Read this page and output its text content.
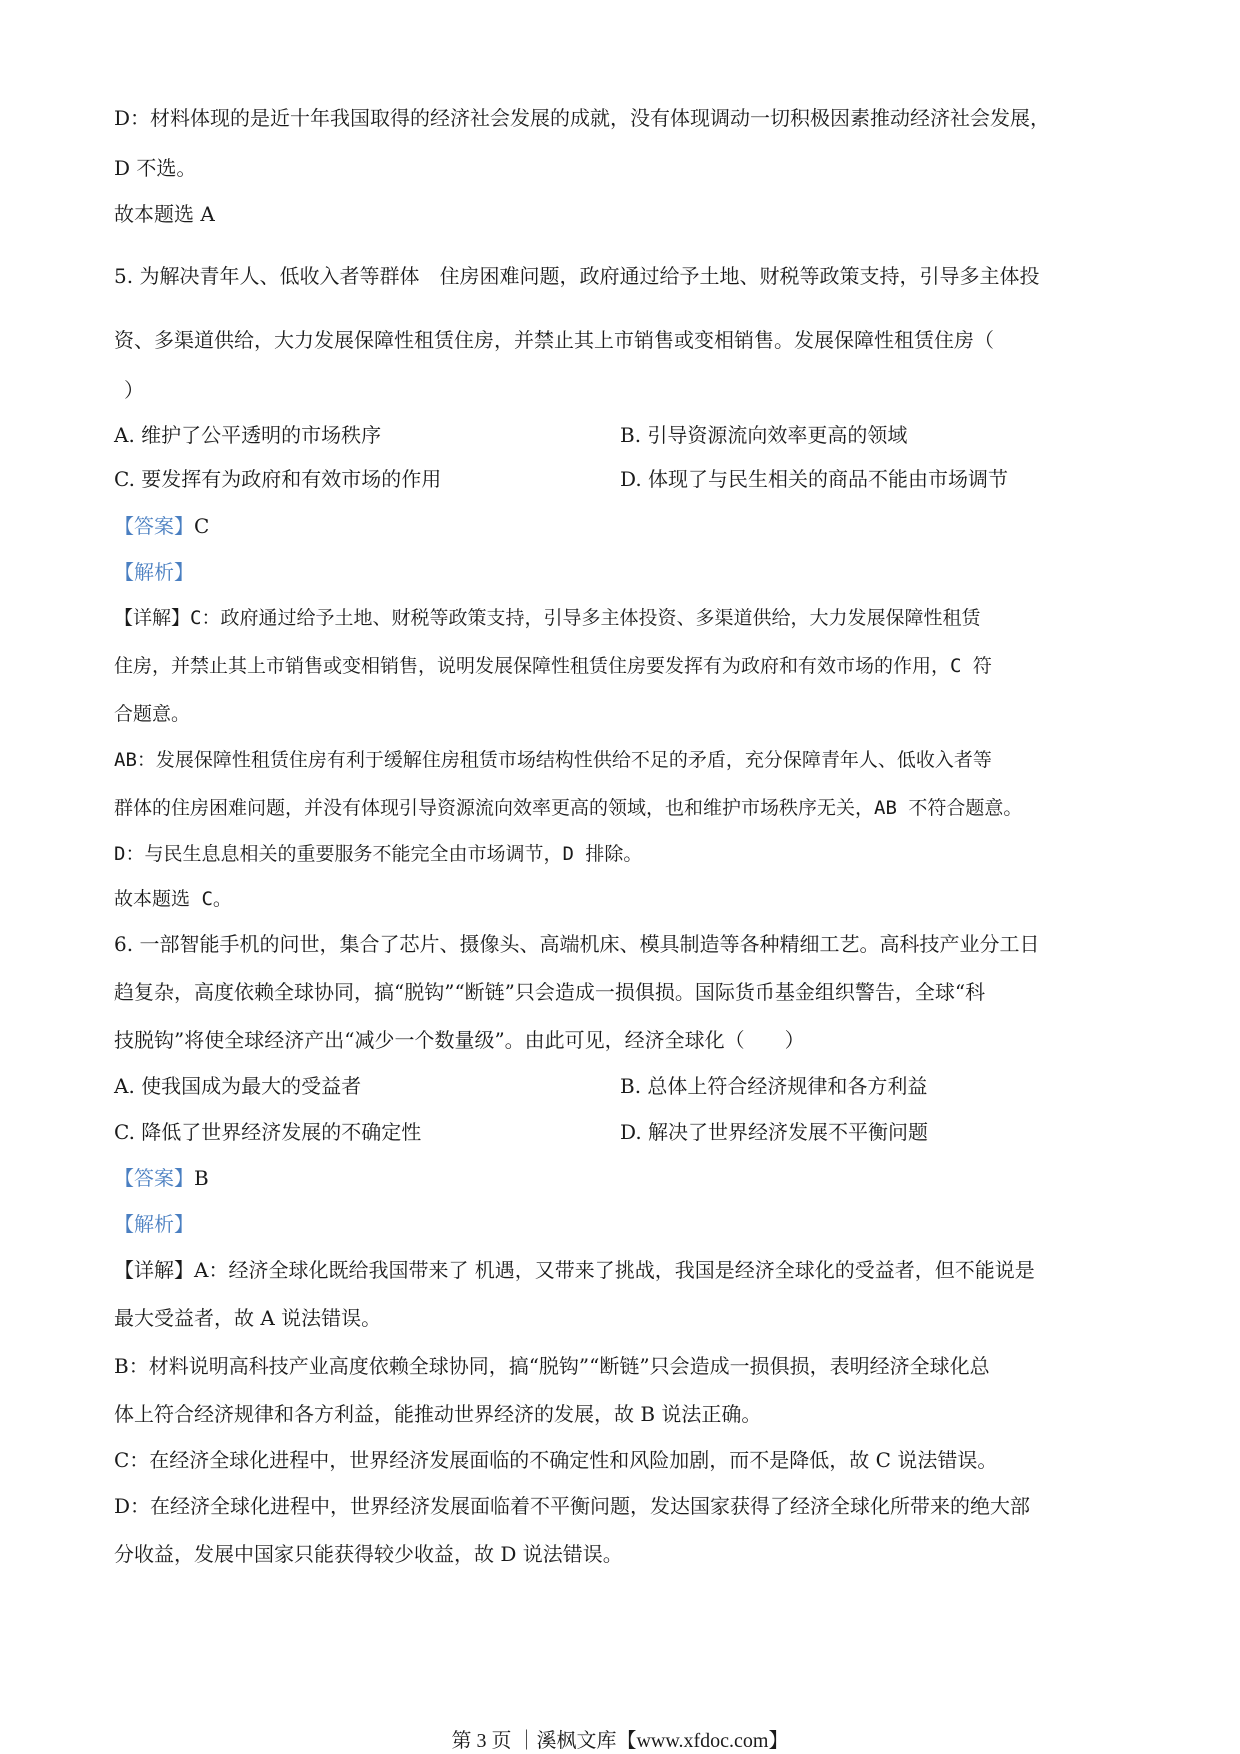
D：材料体现的是近十年我国取得的经济社会发展的成就，没有体现调动一切积极因素推动经济社会发展，
D 不选。
故本题选 A
5. 为解决青年人、低收入者等群体　住房困难问题，政府通过给予土地、财税等政策支持，引导多主体投
资、多渠道供给，大力发展保障性租赁住房，并禁止其上市销售或变相销售。发展保障性租赁住房（
）
A. 维护了公平透明的市场秩序	B. 引导资源流向效率更高的领域
C. 要发挥有为政府和有效市场的作用	D. 体现了与民生相关的商品不能由市场调节
【答案】C
【解析】
【详解】C：政府通过给予土地、财税等政策支持，引导多主体投资、多渠道供给，大力发展保障性租赁
住房，并禁止其上市销售或变相销售，说明发展保障性租赁住房要发挥有为政府和有效市场的作用，C 符
合题意。
AB：发展保障性租赁住房有利于缓解住房租赁市场结构性供给不足的矛盾，充分保障青年人、低收入者等
群体的住房困难问题，并没有体现引导资源流向效率更高的领域，也和维护市场秩序无关，AB 不符合题意。
D：与民生息息相关的重要服务不能完全由市场调节，D 排除。
故本题选 C。
6. 一部智能手机的问世，集合了芯片、摄像头、高端机床、模具制造等各种精细工艺。高科技产业分工日
趋复杂，高度依赖全球协同，搞“脱钩”“断链”只会造成一损俱损。国际货币基金组织警告，全球“科
技脱钩”将使全球经济产出“减少一个数量级”。由此可见，经济全球化（　　）
A. 使我国成为最大的受益者	B. 总体上符合经济规律和各方利益
C. 降低了世界经济发展的不确定性	D. 解决了世界经济发展不平衡问题
【答案】B
【解析】
【详解】A：经济全球化既给我国带来了 机遇，又带来了挑战，我国是经济全球化的受益者，但不能说是
最大受益者，故 A 说法错误。
B：材料说明高科技产业高度依赖全球协同，搞“脱钩”“断链”只会造成一损俱损，表明经济全球化总
体上符合经济规律和各方利益，能推动世界经济的发展，故 B 说法正确。
C：在经济全球化进程中，世界经济发展面临的不确定性和风险加剧，而不是降低，故 C 说法错误。
D：在经济全球化进程中，世界经济发展面临着不平衡问题，发达国家获得了经济全球化所带来的绝大部
分收益，发展中国家只能获得较少收益，故 D 说法错误。
第 3 页 ｜溪枫文库【www.xfdoc.com】
